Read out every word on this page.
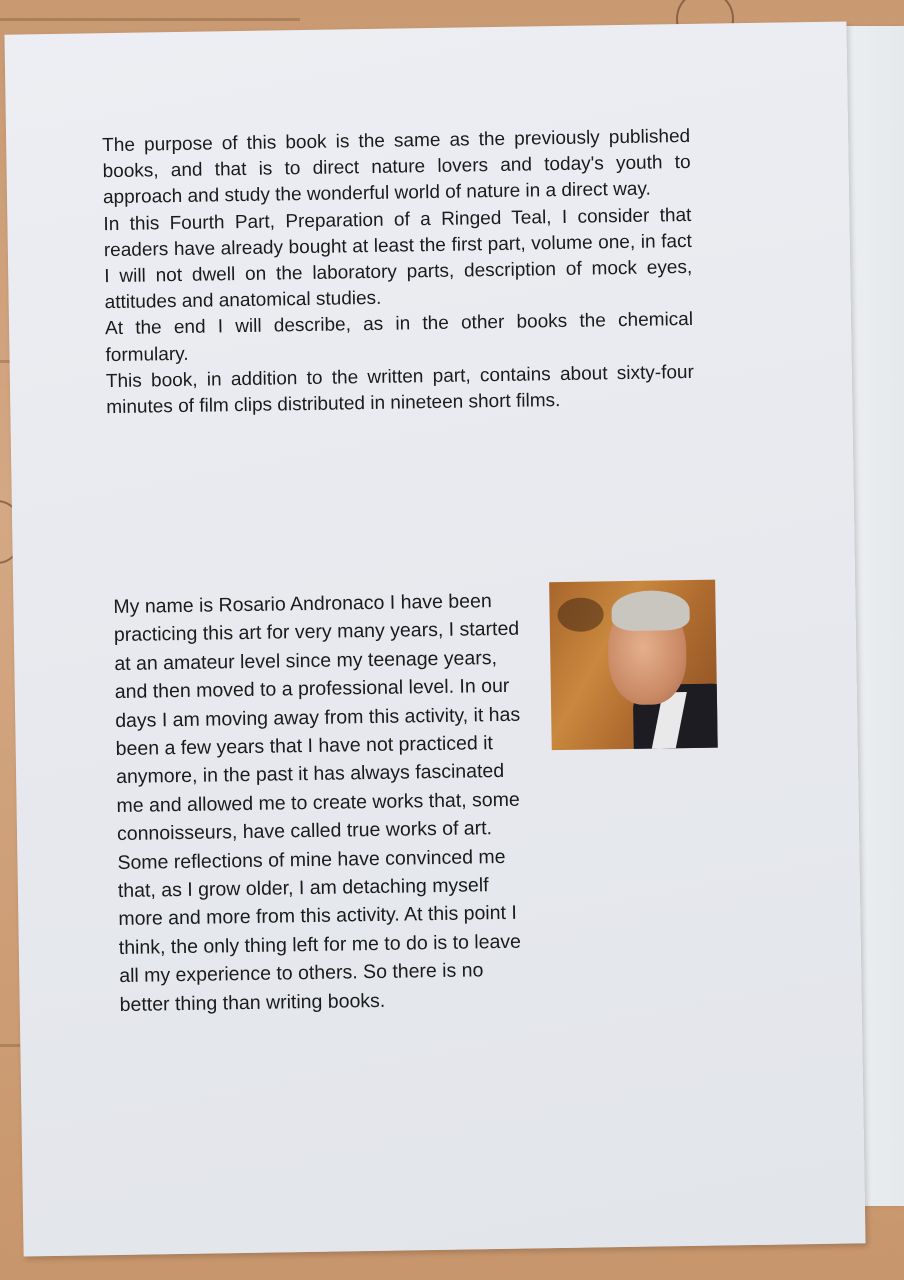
The purpose of this book is the same as the previously published books, and that is to direct nature lovers and today's youth to approach and study the wonderful world of nature in a direct way.

In this Fourth Part, Preparation of a Ringed Teal, I consider that readers have already bought at least the first part, volume one, in fact I will not dwell on the laboratory parts, description of mock eyes, attitudes and anatomical studies.

At the end I will describe, as in the other books the chemical formulary.

This book, in addition to the written part, contains about sixty-four minutes of film clips distributed in nineteen short films.

My name is Rosario Andronaco I have been practicing this art for very many years, I started at an amateur level since my teenage years, and then moved to a professional level. In our days I am moving away from this activity, it has been a few years that I have not practiced it anymore, in the past it has always fascinated me and allowed me to create works that, some connoisseurs, have called true works of art. Some reflections of mine have convinced me that, as I grow older, I am detaching myself more and more from this activity. At this point I think, the only thing left for me to do is to leave all my experience to others. So there is no better thing than writing books.
